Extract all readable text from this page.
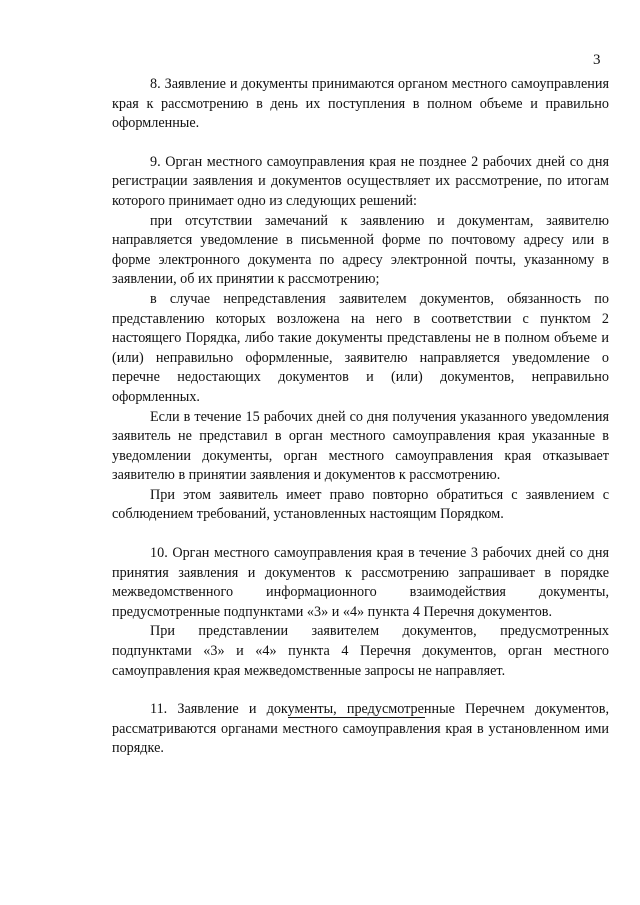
3

8. Заявление и документы принимаются органом местного самоуправления края к рассмотрению в день их поступления в полном объеме и правильно оформленные.

9. Орган местного самоуправления края не позднее 2 рабочих дней со дня регистрации заявления и документов осуществляет их рассмотрение, по итогам которого принимает одно из следующих решений:

при отсутствии замечаний к заявлению и документам, заявителю направляется уведомление в письменной форме по почтовому адресу или в форме электронного документа по адресу электронной почты, указанному в заявлении, об их принятии к рассмотрению;

в случае непредставления заявителем документов, обязанность по представлению которых возложена на него в соответствии с пунктом 2 настоящего Порядка, либо такие документы представлены не в полном объеме и (или) неправильно оформленные, заявителю направляется уведомление о перечне недостающих документов и (или) документов, неправильно оформленных.

Если в течение 15 рабочих дней со дня получения указанного уведомления заявитель не представил в орган местного самоуправления края указанные в уведомлении документы, орган местного самоуправления края отказывает заявителю в принятии заявления и документов к рассмотрению.

При этом заявитель имеет право повторно обратиться с заявлением с соблюдением требований, установленных настоящим Порядком.

10. Орган местного самоуправления края в течение 3 рабочих дней со дня принятия заявления и документов к рассмотрению запрашивает в порядке межведомственного информационного взаимодействия документы, предусмотренные подпунктами «3» и «4» пункта 4 Перечня документов.

При представлении заявителем документов, предусмотренных подпунктами «3» и «4» пункта 4 Перечня документов, орган местного самоуправления края межведомственные запросы не направляет.

11. Заявление и документы, предусмотренные Перечнем документов, рассматриваются органами местного самоуправления края в установленном ими порядке.
